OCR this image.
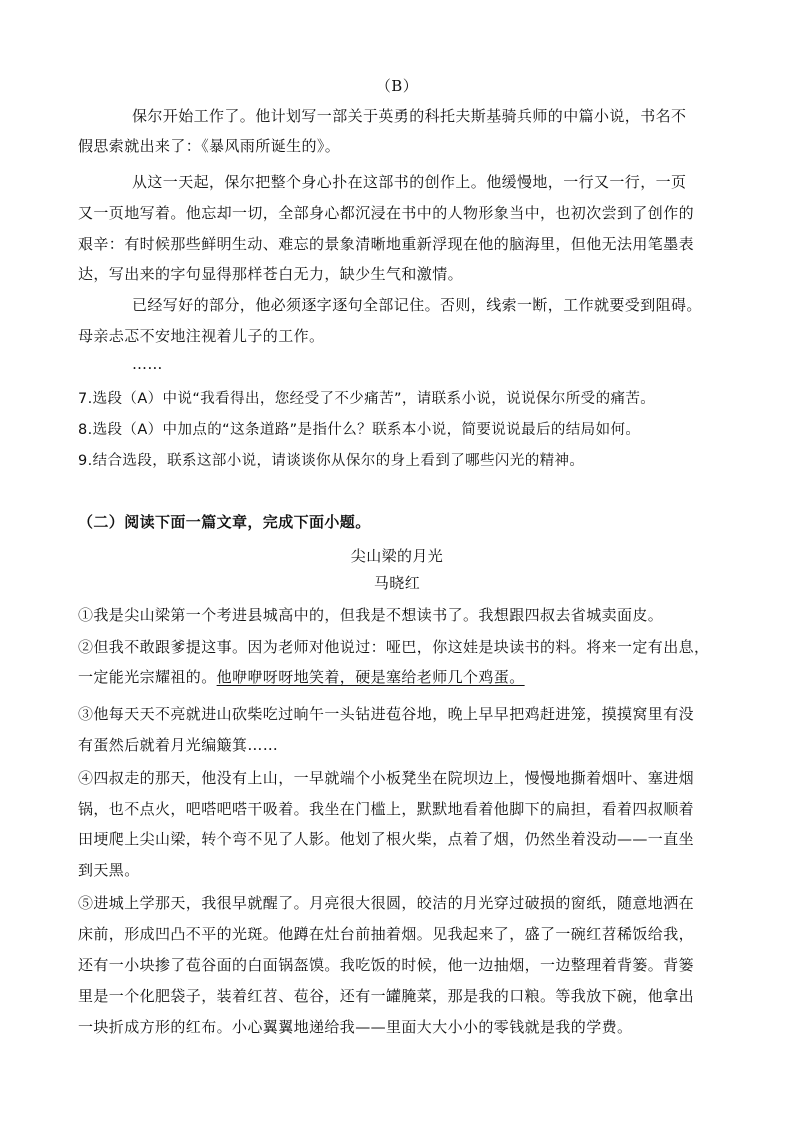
（B）
保尔开始工作了。他计划写一部关于英勇的科托夫斯基骑兵师的中篇小说，书名不
假思索就出来了：《暴风雨所诞生的》。
从这一天起，保尔把整个身心扑在这部书的创作上。他缓慢地，一行又一行，一页
又一页地写着。他忘却一切，全部身心都沉浸在书中的人物形象当中，也初次尝到了创作的
艰辛：有时候那些鲜明生动、难忘的景象清晰地重新浮现在他的脑海里，但他无法用笔墨表
达，写出来的字句显得那样苍白无力，缺少生气和激情。
已经写好的部分，他必须逐字逐句全部记住。否则，线索一断，工作就要受到阻碍。
母亲忐忑不安地注视着儿子的工作。
……
7.选段（A）中说“我看得出，您经受了不少痛苦”，请联系小说，说说保尔所受的痛苦。
8.选段（A）中加点的“这条道路”是指什么？联系本小说，简要说说最后的结局如何。
9.结合选段，联系这部小说，请谈谈你从保尔的身上看到了哪些闪光的精神。
（二）阅读下面一篇文章，完成下面小题。
尖山梁的月光
马晓红
①我是尖山梁第一个考进县城高中的，但我是不想读书了。我想跟四叔去省城卖面皮。
②但我不敢跟爹提这事。因为老师对他说过：哑巴，你这娃是块读书的料。将来一定有出息，
一定能光宗耀祖的。他咿咿呀呀地笑着，硬是塞给老师几个鸡蛋。
③他每天天不亮就进山砍柴吃过晌午一头钻进苞谷地，晚上早早把鸡赶进笼，摸摸窝里有没
有蛋然后就着月光编簸箕……
④四叔走的那天，他没有上山，一早就端个小板凳坐在院坝边上，慢慢地撕着烟叶、塞进烟
锅，也不点火，吧嗒吧嗒干吸着。我坐在门槛上，默默地看着他脚下的扁担，看着四叔顺着
田埂爬上尖山梁，转个弯不见了人影。他划了根火柴，点着了烟，仍然坐着没动——一直坐
到天黑。
⑤进城上学那天，我很早就醒了。月亮很大很圆，皎洁的月光穿过破损的窗纸，随意地洒在
床前，形成凹凸不平的光斑。他蹲在灶台前抽着烟。见我起来了，盛了一碗红苕稀饭给我，
还有一小块掺了苞谷面的白面锅盔馍。我吃饭的时候，他一边抽烟，一边整理着背篓。背篓
里是一个化肥袋子，装着红苕、苞谷，还有一罐腌菜，那是我的口粮。等我放下碗，他拿出
一块折成方形的红布。小心翼翼地递给我——里面大大小小的零钱就是我的学费。
